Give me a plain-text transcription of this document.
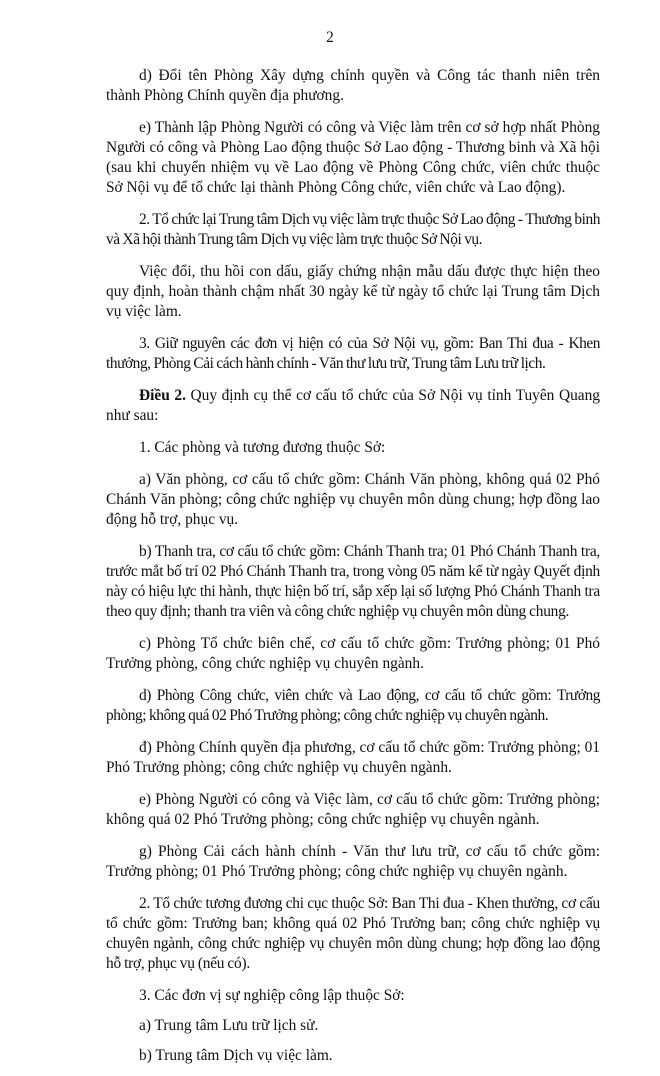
2

d) Đổi tên Phòng Xây dựng chính quyền và Công tác thanh niên trên thành Phòng Chính quyền địa phương.

e) Thành lập Phòng Người có công và Việc làm trên cơ sở hợp nhất Phòng Người có công và Phòng Lao động thuộc Sở Lao động - Thương binh và Xã hội (sau khi chuyển nhiệm vụ về Lao động về Phòng Công chức, viên chức thuộc Sở Nội vụ để tổ chức lại thành Phòng Công chức, viên chức và Lao động).

2. Tổ chức lại Trung tâm Dịch vụ việc làm trực thuộc Sở Lao động - Thương binh và Xã hội thành Trung tâm Dịch vụ việc làm trực thuộc Sở Nội vụ.

Việc đổi, thu hồi con dấu, giấy chứng nhận mẫu dấu được thực hiện theo quy định, hoàn thành chậm nhất 30 ngày kể từ ngày tổ chức lại Trung tâm Dịch vụ việc làm.

3. Giữ nguyên các đơn vị hiện có của Sở Nội vụ, gồm: Ban Thi đua - Khen thưởng, Phòng Cải cách hành chính - Văn thư lưu trữ, Trung tâm Lưu trữ lịch.

Điều 2. Quy định cụ thể cơ cấu tổ chức của Sở Nội vụ tỉnh Tuyên Quang như sau:

1. Các phòng và tương đương thuộc Sở:

a) Văn phòng, cơ cấu tổ chức gồm: Chánh Văn phòng, không quá 02 Phó Chánh Văn phòng; công chức nghiệp vụ chuyên môn dùng chung; hợp đồng lao động hỗ trợ, phục vụ.

b) Thanh tra, cơ cấu tổ chức gồm: Chánh Thanh tra; 01 Phó Chánh Thanh tra, trước mắt bố trí 02 Phó Chánh Thanh tra, trong vòng 05 năm kể từ ngày Quyết định này có hiệu lực thi hành, thực hiện bố trí, sắp xếp lại số lượng Phó Chánh Thanh tra theo quy định; thanh tra viên và công chức nghiệp vụ chuyên môn dùng chung.

c) Phòng Tổ chức biên chế, cơ cấu tổ chức gồm: Trưởng phòng; 01 Phó Trưởng phòng, công chức nghiệp vụ chuyên ngành.

d) Phòng Công chức, viên chức và Lao động, cơ cấu tổ chức gồm: Trưởng phòng; không quá 02 Phó Trưởng phòng; công chức nghiệp vụ chuyên ngành.

đ) Phòng Chính quyền địa phương, cơ cấu tổ chức gồm: Trưởng phòng; 01 Phó Trưởng phòng; công chức nghiệp vụ chuyên ngành.

e) Phòng Người có công và Việc làm, cơ cấu tổ chức gồm: Trưởng phòng; không quá 02 Phó Trưởng phòng; công chức nghiệp vụ chuyên ngành.

g) Phòng Cải cách hành chính - Văn thư lưu trữ, cơ cấu tổ chức gồm: Trưởng phòng; 01 Phó Trưởng phòng; công chức nghiệp vụ chuyên ngành.

2. Tổ chức tương đương chi cục thuộc Sở: Ban Thi đua - Khen thưởng, cơ cấu tổ chức gồm: Trưởng ban; không quá 02 Phó Trưởng ban; công chức nghiệp vụ chuyên ngành, công chức nghiệp vụ chuyên môn dùng chung; hợp đồng lao động hỗ trợ, phục vụ (nếu có).

3. Các đơn vị sự nghiệp công lập thuộc Sở:

a) Trung tâm Lưu trữ lịch sử.

b) Trung tâm Dịch vụ việc làm.
